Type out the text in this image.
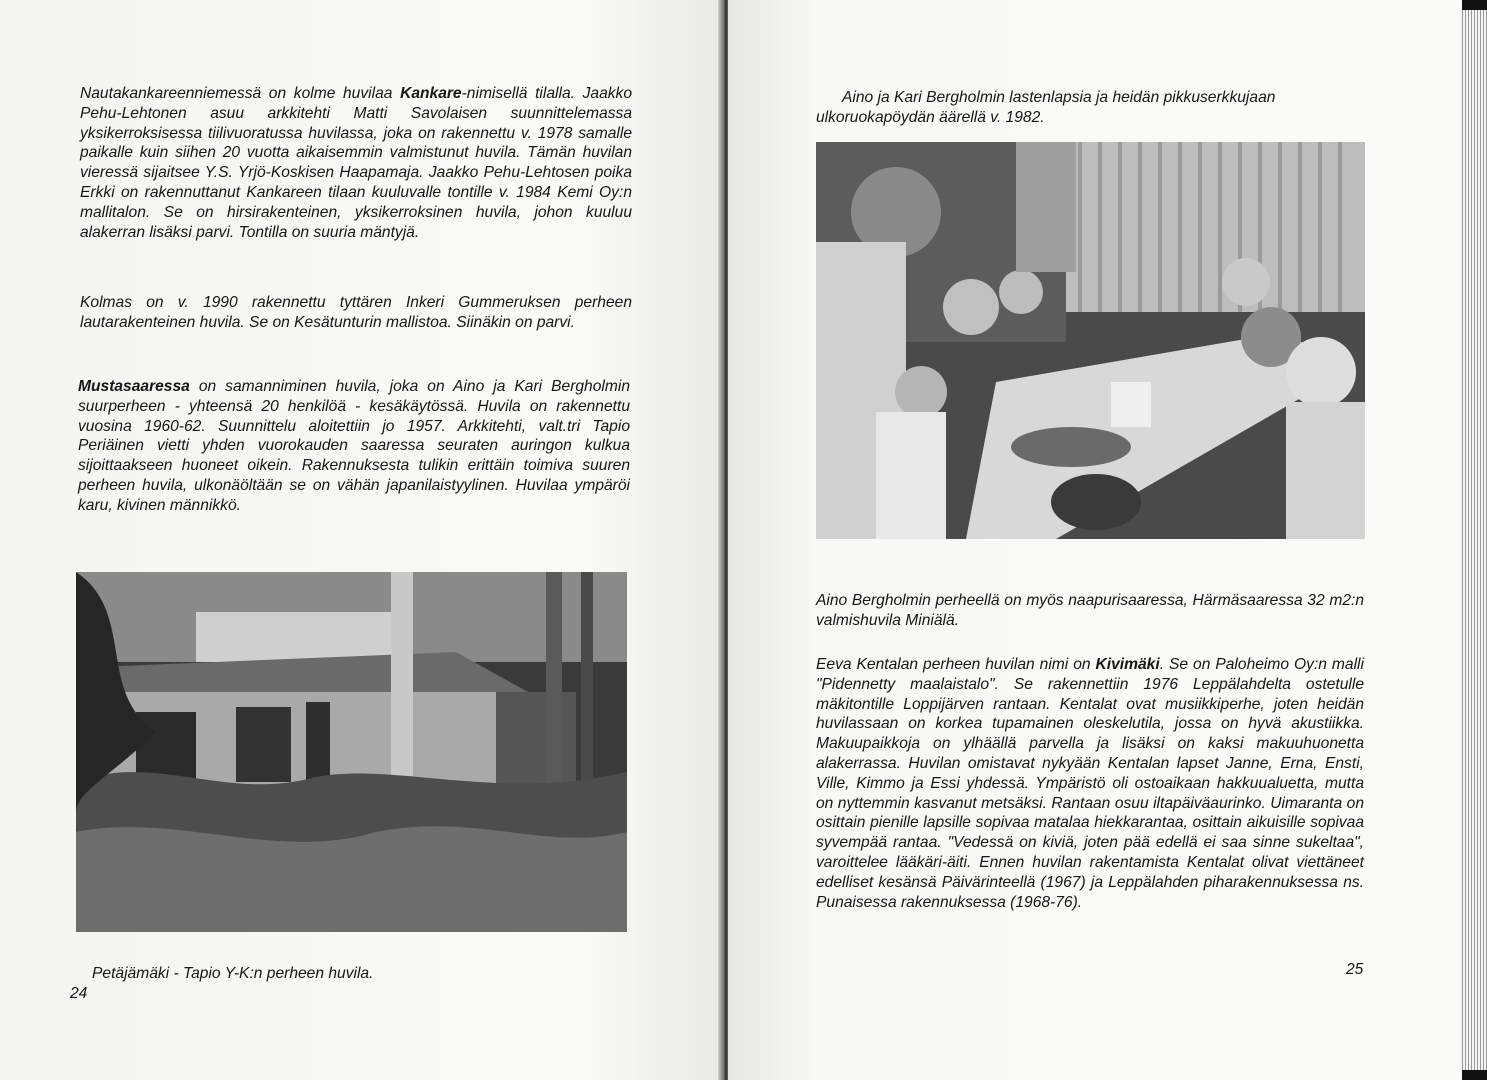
Nautakankareenniemessä on kolme huvilaa Kankare-nimisellä tilalla. Jaakko Pehu-Lehtonen asuu arkkitehti Matti Savolaisen suunnittelemassa yksikerroksisessa tiilivuoratussa huvilassa, joka on rakennettu v. 1978 samalle paikalle kuin siihen 20 vuotta aikaisemmin valmistunut huvila. Tämän huvilan vieressä sijaitsee Y.S. Yrjö-Koskisen Haapamaja. Jaakko Pehu-Lehtosen poika Erkki on rakennuttanut Kankareen tilaan kuuluvalle tontille v. 1984 Kemi Oy:n mallitalon. Se on hirsirakenteinen, yksikerroksinen huvila, johon kuuluu alakerran lisäksi parvi. Tontilla on suuria mäntyjä.

Kolmas on v. 1990 rakennettu tyttären Inkeri Gummeruksen perheen lautarakenteinen huvila. Se on Kesätunturin mallistoa. Siinäkin on parvi.

Mustasaaressa on samanniminen huvila, joka on Aino ja Kari Bergholmin suurperheen - yhteensä 20 henkilöä - kesäkäytössä. Huvila on rakennettu vuosina 1960-62. Suunnittelu aloitettiin jo 1957. Arkkitehti, valt.tri Tapio Periäinen vietti yhden vuorokauden saaressa seuraten auringon kulkua sijoittaakseen huoneet oikein. Rakennuksesta tulikin erittäin toimiva suuren perheen huvila, ulkonäöltään se on vähän japanilaistyylinen. Huvilaa ympäröi karu, kivinen männikkö.

Petäjämäki - Tapio Y-K:n perheen huvila.

24

Aino ja Kari Bergholmin lastenlapsia ja heidän pikkuserkkujaan ulkoruokapöydän äärellä v. 1982.

Aino Bergholmin perheellä on myös naapurisaaressa, Härmäsaaressa 32 m2:n valmishuvila Miniälä.

Eeva Kentalan perheen huvilan nimi on Kivimäki. Se on Paloheimo Oy:n malli "Pidennetty maalaistalo". Se rakennettiin 1976 Leppälahdelta ostetulle mäkitontille Loppijärven rantaan. Kentalat ovat musiikkiperhe, joten heidän huvilassaan on korkea tupamainen oleskelutila, jossa on hyvä akustiikka. Makuupaikkoja on ylhäällä parvella ja lisäksi on kaksi makuuhuonetta alakerrassa. Huvilan omistavat nykyään Kentalan lapset Janne, Erna, Ensti, Ville, Kimmo ja Essi yhdessä. Ympäristö oli ostoaikaan hakkuualuetta, mutta on nyttemmin kasvanut metsäksi. Rantaan osuu iltapäiväaurinko. Uimaranta on osittain pienille lapsille sopivaa matalaa hiekkarantaa, osittain aikuisille sopivaa syvempää rantaa. "Vedessä on kiviä, joten pää edellä ei saa sinne sukeltaa", varoittelee lääkäri-äiti. Ennen huvilan rakentamista Kentalat olivat viettäneet edelliset kesänsä Päivärinteellä (1967) ja Leppälahden piharakennuksessa ns. Punaisessa rakennuksessa (1968-76).

25
